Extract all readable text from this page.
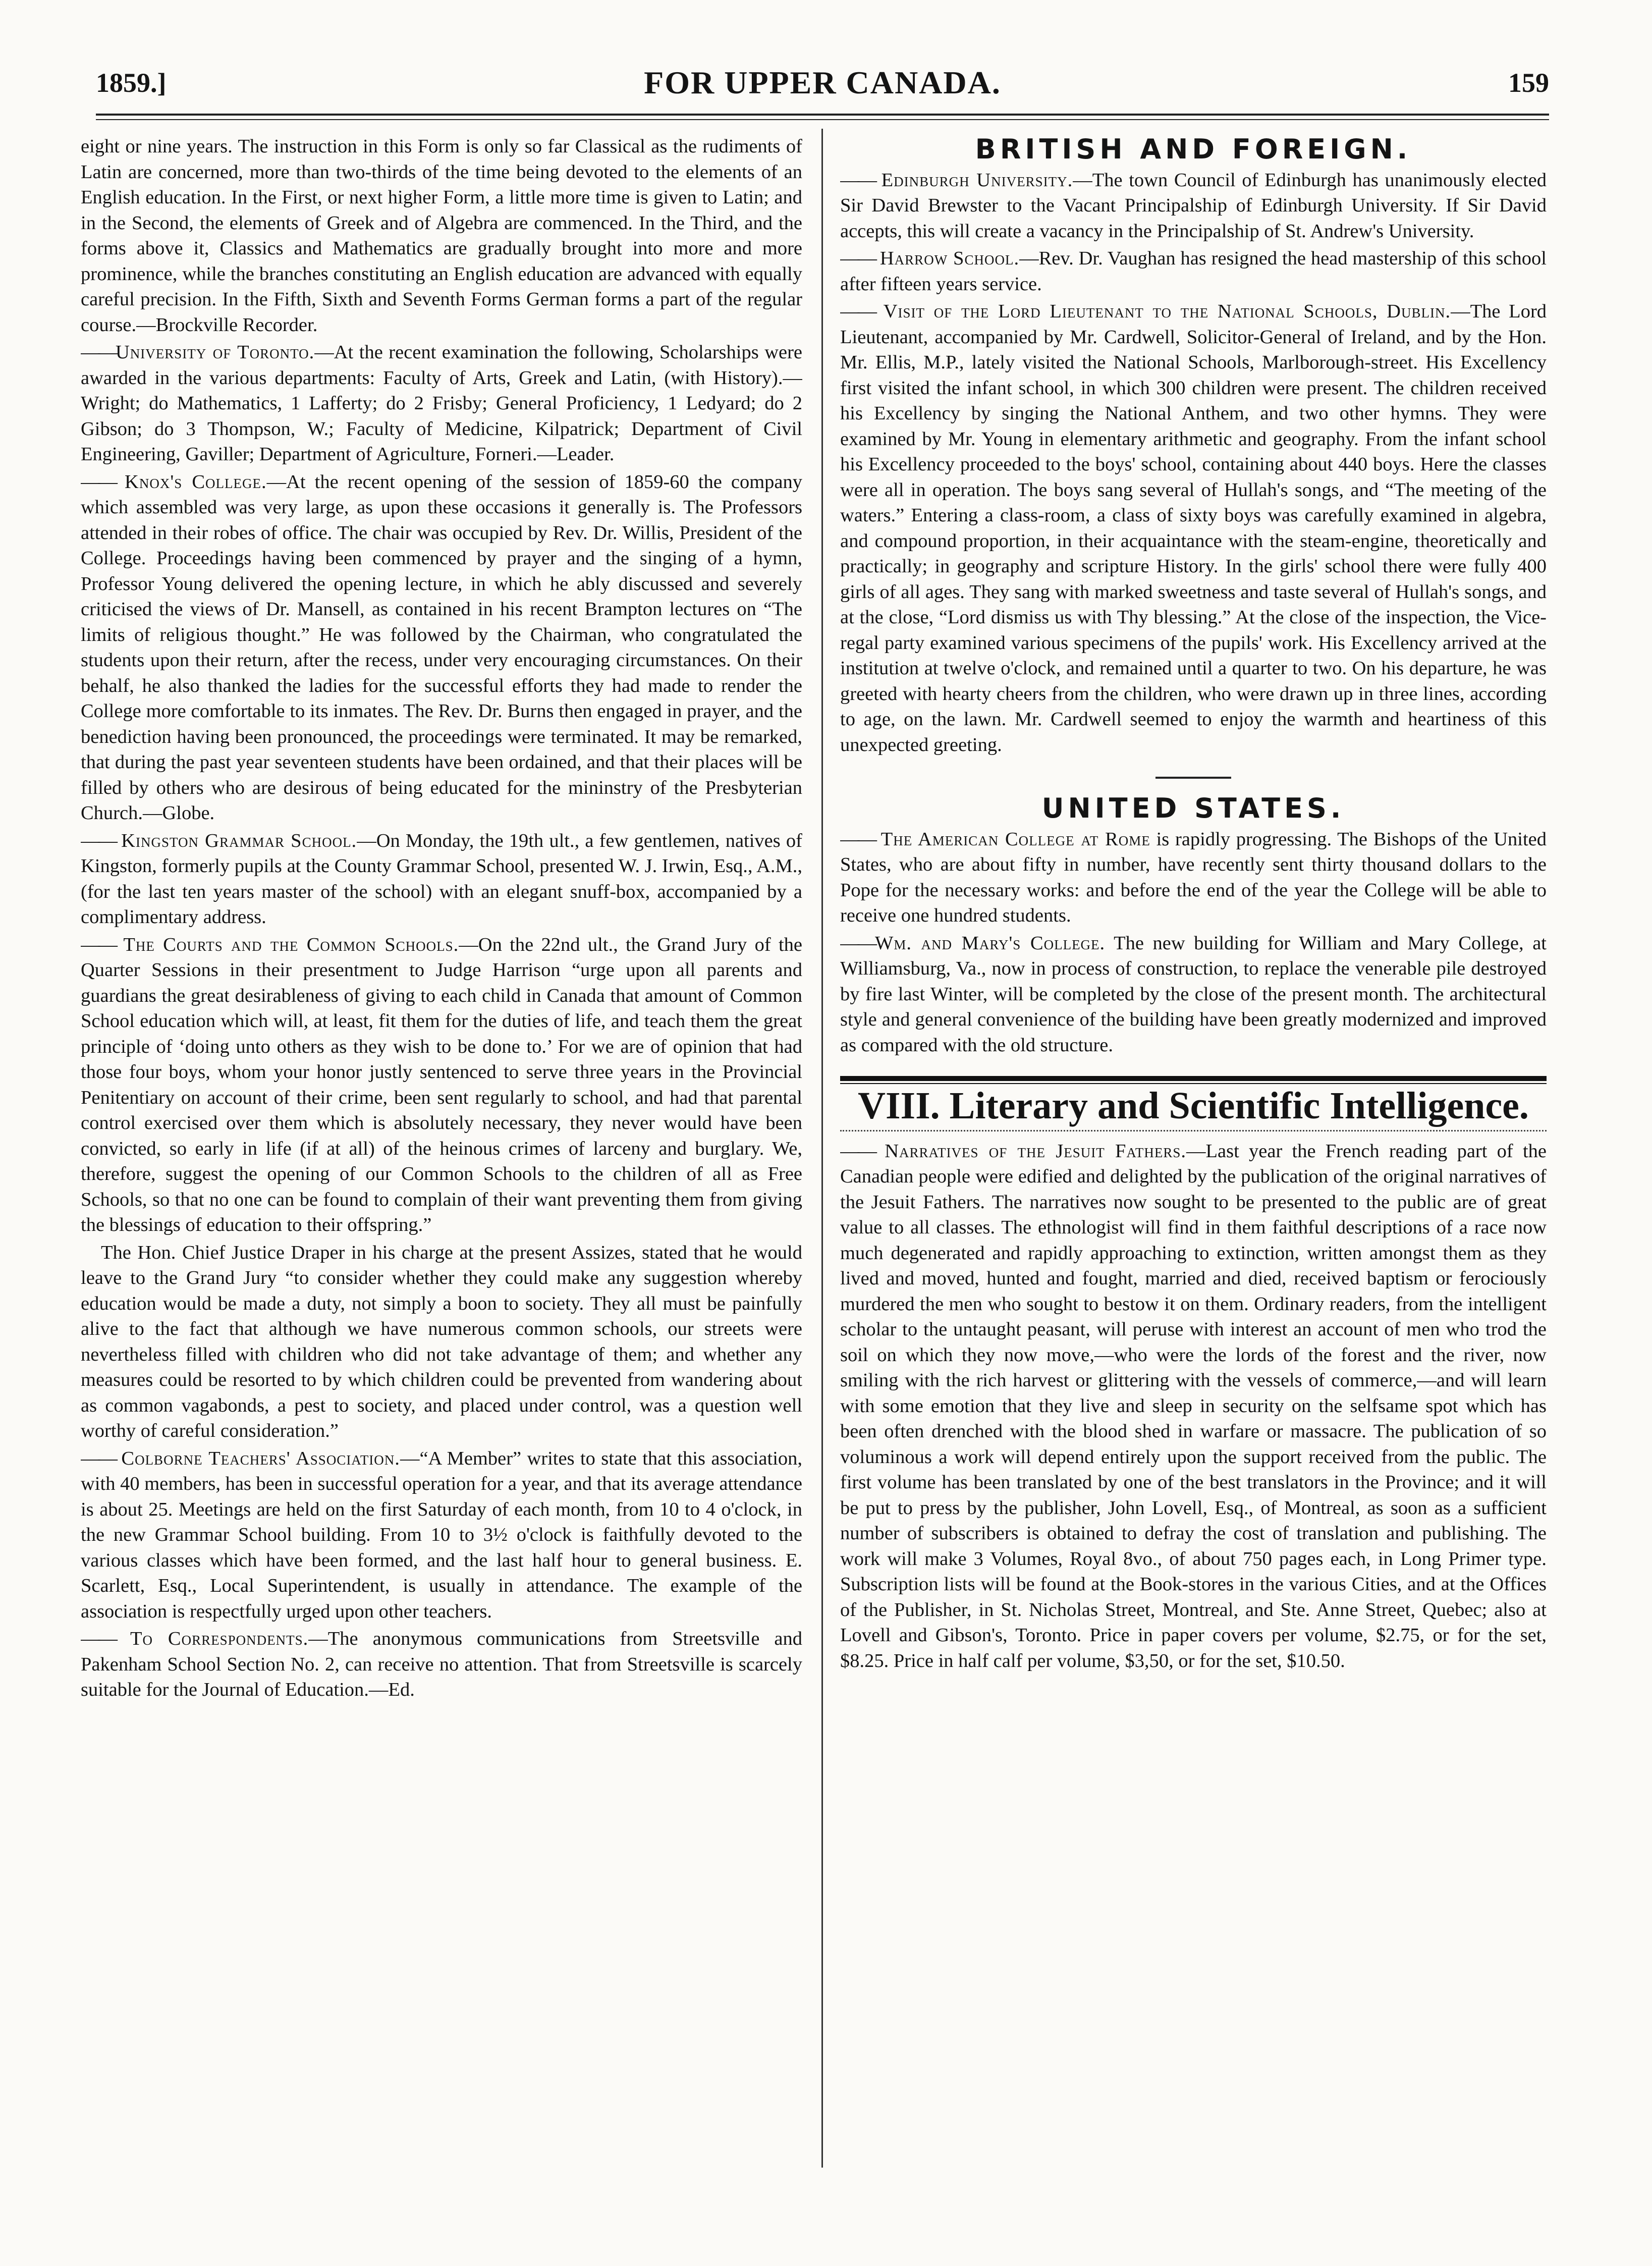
1859.]	FOR UPPER CANADA.	159

eight or nine years. The instruction in this Form is only so far Classical as the rudiments of Latin are concerned, more than two-thirds of the time being devoted to the elements of an English education. In the First, or next higher Form, a little more time is given to Latin; and in the Second, the elements of Greek and of Algebra are commenced. In the Third, and the forms above it, Classics and Mathematics are gradually brought into more and more prominence, while the branches constituting an English education are advanced with equally careful precision. In the Fifth, Sixth and Seventh Forms German forms a part of the regular course.—Brockville Recorder.

——University of Toronto.—At the recent examination the following, Scholarships were awarded in the various departments: Faculty of Arts, Greek and Latin, (with History).—Wright; do Mathematics, 1 Lafferty; do 2 Frisby; General Proficiency, 1 Ledyard; do 2 Gibson; do 3 Thompson, W.; Faculty of Medicine, Kilpatrick; Department of Civil Engineering, Gaviller; Department of Agriculture, Forneri.—Leader.

—— Knox's College.—At the recent opening of the session of 1859-60 the company which assembled was very large, as upon these occasions it generally is. The Professors attended in their robes of office. The chair was occupied by Rev. Dr. Willis, President of the College. Proceedings having been commenced by prayer and the singing of a hymn, Professor Young delivered the opening lecture, in which he ably discussed and severely criticised the views of Dr. Mansell, as contained in his recent Brampton lectures on “The limits of religious thought.” He was followed by the Chairman, who congratulated the students upon their return, after the recess, under very encouraging circumstances. On their behalf, he also thanked the ladies for the successful efforts they had made to render the College more comfortable to its inmates. The Rev. Dr. Burns then engaged in prayer, and the benediction having been pronounced, the proceedings were terminated. It may be remarked, that during the past year seventeen students have been ordained, and that their places will be filled by others who are desirous of being educated for the mininstry of the Presbyterian Church.—Globe.

—— Kingston Grammar School.—On Monday, the 19th ult., a few gentlemen, natives of Kingston, formerly pupils at the County Grammar School, presented W. J. Irwin, Esq., A.M., (for the last ten years master of the school) with an elegant snuff-box, accompanied by a complimentary address.

—— The Courts and the Common Schools.—On the 22nd ult., the Grand Jury of the Quarter Sessions in their presentment to Judge Harrison “urge upon all parents and guardians the great desirableness of giving to each child in Canada that amount of Common School education which will, at least, fit them for the duties of life, and teach them the great principle of ‘doing unto others as they wish to be done to.’ For we are of opinion that had those four boys, whom your honor justly sentenced to serve three years in the Provincial Penitentiary on account of their crime, been sent regularly to school, and had that parental control exercised over them which is absolutely necessary, they never would have been convicted, so early in life (if at all) of the heinous crimes of larceny and burglary. We, therefore, suggest the opening of our Common Schools to the children of all as Free Schools, so that no one can be found to complain of their want preventing them from giving the blessings of education to their offspring.”

The Hon. Chief Justice Draper in his charge at the present Assizes, stated that he would leave to the Grand Jury “to consider whether they could make any suggestion whereby education would be made a duty, not simply a boon to society. They all must be painfully alive to the fact that although we have numerous common schools, our streets were nevertheless filled with children who did not take advantage of them; and whether any measures could be resorted to by which children could be prevented from wandering about as common vagabonds, a pest to society, and placed under control, was a question well worthy of careful consideration.”

—— Colborne Teachers' Association.—“A Member” writes to state that this association, with 40 members, has been in successful operation for a year, and that its average attendance is about 25. Meetings are held on the first Saturday of each month, from 10 to 4 o'clock, in the new Grammar School building. From 10 to 3½ o'clock is faithfully devoted to the various classes which have been formed, and the last half hour to general business. E. Scarlett, Esq., Local Superintendent, is usually in attendance. The example of the association is respectfully urged upon other teachers.

—— To Correspondents.—The anonymous communications from Streetsville and Pakenham School Section No. 2, can receive no attention. That from Streetsville is scarcely suitable for the Journal of Education.—Ed.

BRITISH AND FOREIGN.

—— Edinburgh University.—The town Council of Edinburgh has unanimously elected Sir David Brewster to the Vacant Principalship of Edinburgh University. If Sir David accepts, this will create a vacancy in the Principalship of St. Andrew's University.

—— Harrow School.—Rev. Dr. Vaughan has resigned the head mastership of this school after fifteen years service.

—— Visit of the Lord Lieutenant to the National Schools, Dublin.—The Lord Lieutenant, accompanied by Mr. Cardwell, Solicitor-General of Ireland, and by the Hon. Mr. Ellis, M.P., lately visited the National Schools, Marlborough-street. His Excellency first visited the infant school, in which 300 children were present. The children received his Excellency by singing the National Anthem, and two other hymns. They were examined by Mr. Young in elementary arithmetic and geography. From the infant school his Excellency proceeded to the boys' school, containing about 440 boys. Here the classes were all in operation. The boys sang several of Hullah's songs, and “The meeting of the waters.” Entering a class-room, a class of sixty boys was carefully examined in algebra, and compound proportion, in their acquaintance with the steam-engine, theoretically and practically; in geography and scripture History. In the girls' school there were fully 400 girls of all ages. They sang with marked sweetness and taste several of Hullah's songs, and at the close, “Lord dismiss us with Thy blessing.” At the close of the inspection, the Vice-regal party examined various specimens of the pupils' work. His Excellency arrived at the institution at twelve o'clock, and remained until a quarter to two. On his departure, he was greeted with hearty cheers from the children, who were drawn up in three lines, according to age, on the lawn. Mr. Cardwell seemed to enjoy the warmth and heartiness of this unexpected greeting.

UNITED STATES.

—— The American College at Rome is rapidly progressing. The Bishops of the United States, who are about fifty in number, have recently sent thirty thousand dollars to the Pope for the necessary works: and before the end of the year the College will be able to receive one hundred students.

——Wm. and Mary's College. The new building for William and Mary College, at Williamsburg, Va., now in process of construction, to replace the venerable pile destroyed by fire last Winter, will be completed by the close of the present month. The architectural style and general convenience of the building have been greatly modernized and improved as compared with the old structure.

VIII. Literary and Scientific Intelligence.

—— Narratives of the Jesuit Fathers.—Last year the French reading part of the Canadian people were edified and delighted by the publication of the original narratives of the Jesuit Fathers. The narratives now sought to be presented to the public are of great value to all classes. The ethnologist will find in them faithful descriptions of a race now much degenerated and rapidly approaching to extinction, written amongst them as they lived and moved, hunted and fought, married and died, received baptism or ferociously murdered the men who sought to bestow it on them. Ordinary readers, from the intelligent scholar to the untaught peasant, will peruse with interest an account of men who trod the soil on which they now move,—who were the lords of the forest and the river, now smiling with the rich harvest or glittering with the vessels of commerce,—and will learn with some emotion that they live and sleep in security on the selfsame spot which has been often drenched with the blood shed in warfare or massacre. The publication of so voluminous a work will depend entirely upon the support received from the public. The first volume has been translated by one of the best translators in the Province; and it will be put to press by the publisher, John Lovell, Esq., of Montreal, as soon as a sufficient number of subscribers is obtained to defray the cost of translation and publishing. The work will make 3 Volumes, Royal 8vo., of about 750 pages each, in Long Primer type. Subscription lists will be found at the Book-stores in the various Cities, and at the Offices of the Publisher, in St. Nicholas Street, Montreal, and Ste. Anne Street, Quebec; also at Lovell and Gibson's, Toronto. Price in paper covers per volume, $2.75, or for the set, $8.25. Price in half calf per volume, $3,50, or for the set, $10.50.
